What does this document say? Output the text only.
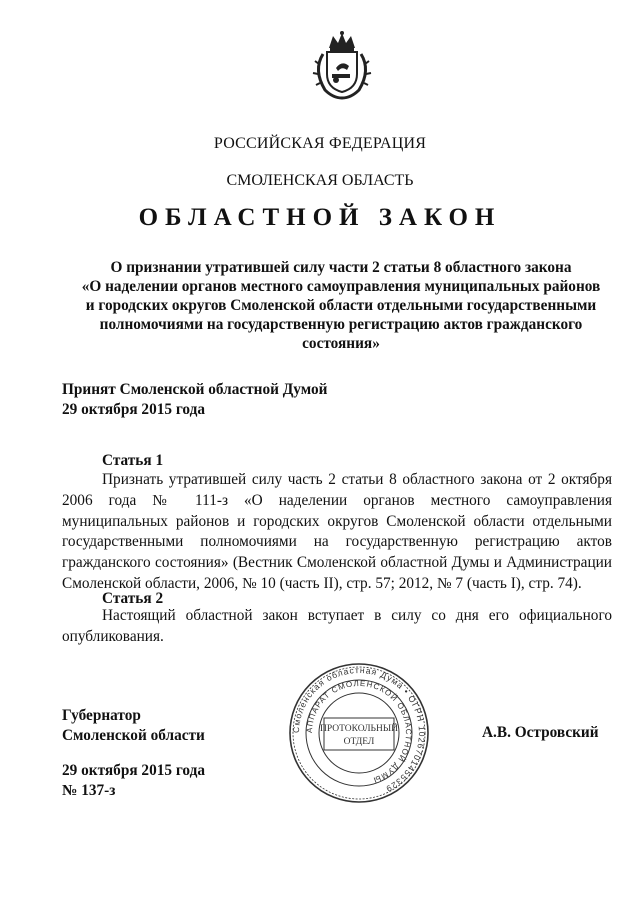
РОССИЙСКАЯ ФЕДЕРАЦИЯ
СМОЛЕНСКАЯ ОБЛАСТЬ
ОБЛАСТНОЙ ЗАКОН
О признании утратившей силу части 2 статьи 8 областного закона
«О наделении органов местного самоуправления муниципальных районов
и городских округов Смоленской области отдельными государственными
полномочиями на государственную регистрацию актов гражданского
состояния»
Принят Смоленской областной Думой
29 октября 2015 года
Статья 1
Признать утратившей силу часть 2 статьи 8 областного закона от 2 октября 2006 года № 111-з «О наделении органов местного самоуправления муниципальных районов и городских округов Смоленской области отдельными государственными полномочиями на государственную регистрацию актов гражданского состояния» (Вестник Смоленской областной Думы и Администрации Смоленской области, 2006, № 10 (часть II), стр. 57; 2012, № 7 (часть I), стр. 74).
Статья 2
Настоящий областной закон вступает в силу со дня его официального опубликования.
Губернатор
Смоленской области	А.В. Островский
29 октября 2015 года
№ 137-з
Смоленская областная Дума • ОГРН 1026701455329
АППАРАТ СМОЛЕНСКОЙ ОБЛАСТНОЙ ДУМЫ
ПРОТОКОЛЬНЫЙ
ОТДЕЛ
